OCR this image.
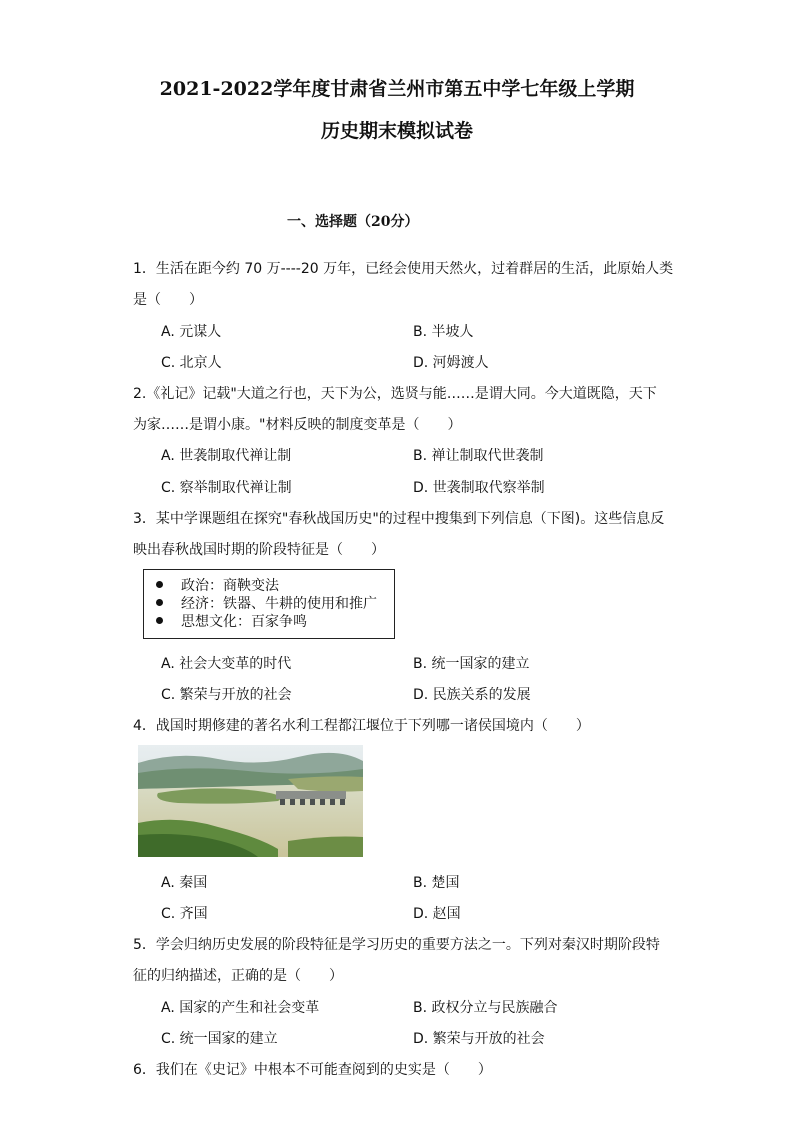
2021-2022学年度甘肃省兰州市第五中学七年级上学期
历史期末模拟试卷
一、选择题（20分）
1．生活在距今约 70 万----20 万年，已经会使用天然火，过着群居的生活，此原始人类
是（　　）
A. 元谋人	B. 半坡人
C. 北京人	D. 河姆渡人
2.《礼记》记载"大道之行也，天下为公，选贤与能……是谓大同。今大道既隐，天下
为家……是谓小康。"材料反映的制度变革是（　　）
A. 世袭制取代禅让制	B. 禅让制取代世袭制
C. 察举制取代禅让制	D. 世袭制取代察举制
3．某中学课题组在探究"春秋战国历史"的过程中搜集到下列信息（下图)。这些信息反
映出春秋战国时期的阶段特征是（　　）
政治：商鞅变法
经济：铁器、牛耕的使用和推广
思想文化：百家争鸣
A. 社会大变革的时代	B. 统一国家的建立
C. 繁荣与开放的社会	D. 民族关系的发展
4．战国时期修建的著名水利工程都江堰位于下列哪一诸侯国境内（　　）
A. 秦国	B. 楚国
C. 齐国	D. 赵国
5．学会归纳历史发展的阶段特征是学习历史的重要方法之一。下列对秦汉时期阶段特
征的归纳描述，正确的是（　　）
A. 国家的产生和社会变革	B. 政权分立与民族融合
C. 统一国家的建立	D. 繁荣与开放的社会
6．我们在《史记》中根本不可能查阅到的史实是（　　）
